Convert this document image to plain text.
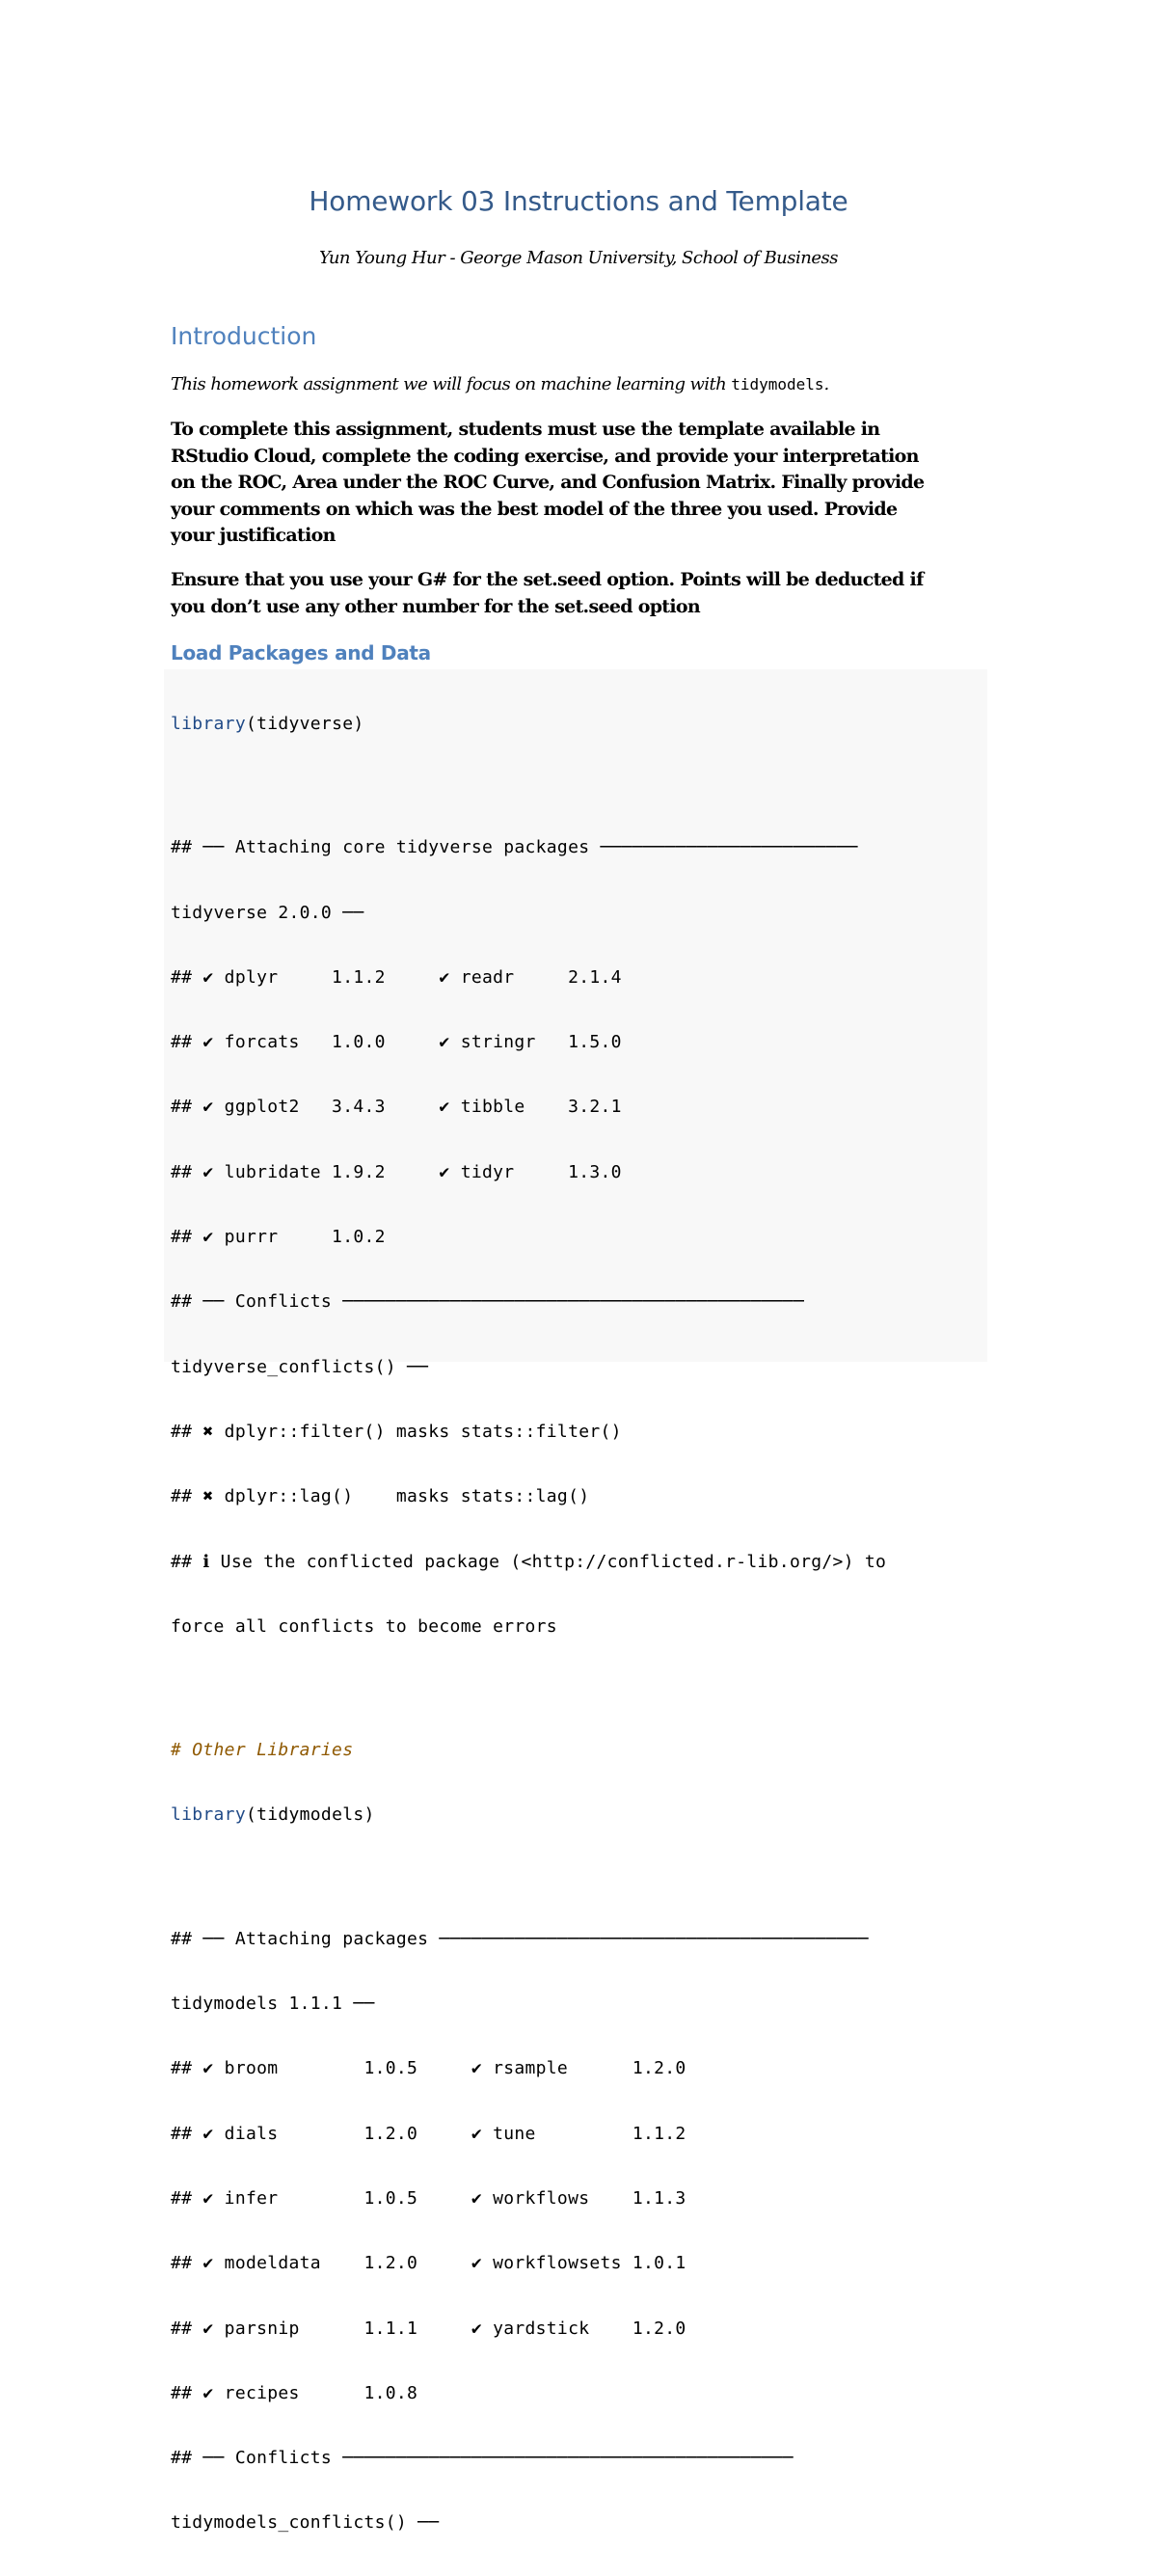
Homework 03 Instructions and Template
Yun Young Hur - George Mason University, School of Business
Introduction
This homework assignment we will focus on machine learning with tidymodels.
To complete this assignment, students must use the template available in
RStudio Cloud, complete the coding exercise, and provide your interpretation
on the ROC, Area under the ROC Curve, and Confusion Matrix. Finally provide
your comments on which was the best model of the three you used. Provide
your justification
Ensure that you use your G# for the set.seed option. Points will be deducted if
you don’t use any other number for the set.seed option
Load Packages and Data

library(tidyverse)

## ── Attaching core tidyverse packages ────────────────────────

tidyverse 2.0.0 ──

## ✔ dplyr     1.1.2     ✔ readr     2.1.4

## ✔ forcats   1.0.0     ✔ stringr   1.5.0

## ✔ ggplot2   3.4.3     ✔ tibble    3.2.1

## ✔ lubridate 1.9.2     ✔ tidyr     1.3.0

## ✔ purrr     1.0.2

## ── Conflicts ───────────────────────────────────────────

tidyverse_conflicts() ──

## ✖ dplyr::filter() masks stats::filter()

## ✖ dplyr::lag()    masks stats::lag()

## ℹ Use the conflicted package (<http://conflicted.r-lib.org/>) to

force all conflicts to become errors

# Other Libraries

library(tidymodels)

## ── Attaching packages ────────────────────────────────────────

tidymodels 1.1.1 ──

## ✔ broom        1.0.5     ✔ rsample      1.2.0

## ✔ dials        1.2.0     ✔ tune         1.1.2

## ✔ infer        1.0.5     ✔ workflows    1.1.3

## ✔ modeldata    1.2.0     ✔ workflowsets 1.0.1

## ✔ parsnip      1.1.1     ✔ yardstick    1.2.0

## ✔ recipes      1.0.8

## ── Conflicts ──────────────────────────────────────────

tidymodels_conflicts() ──
